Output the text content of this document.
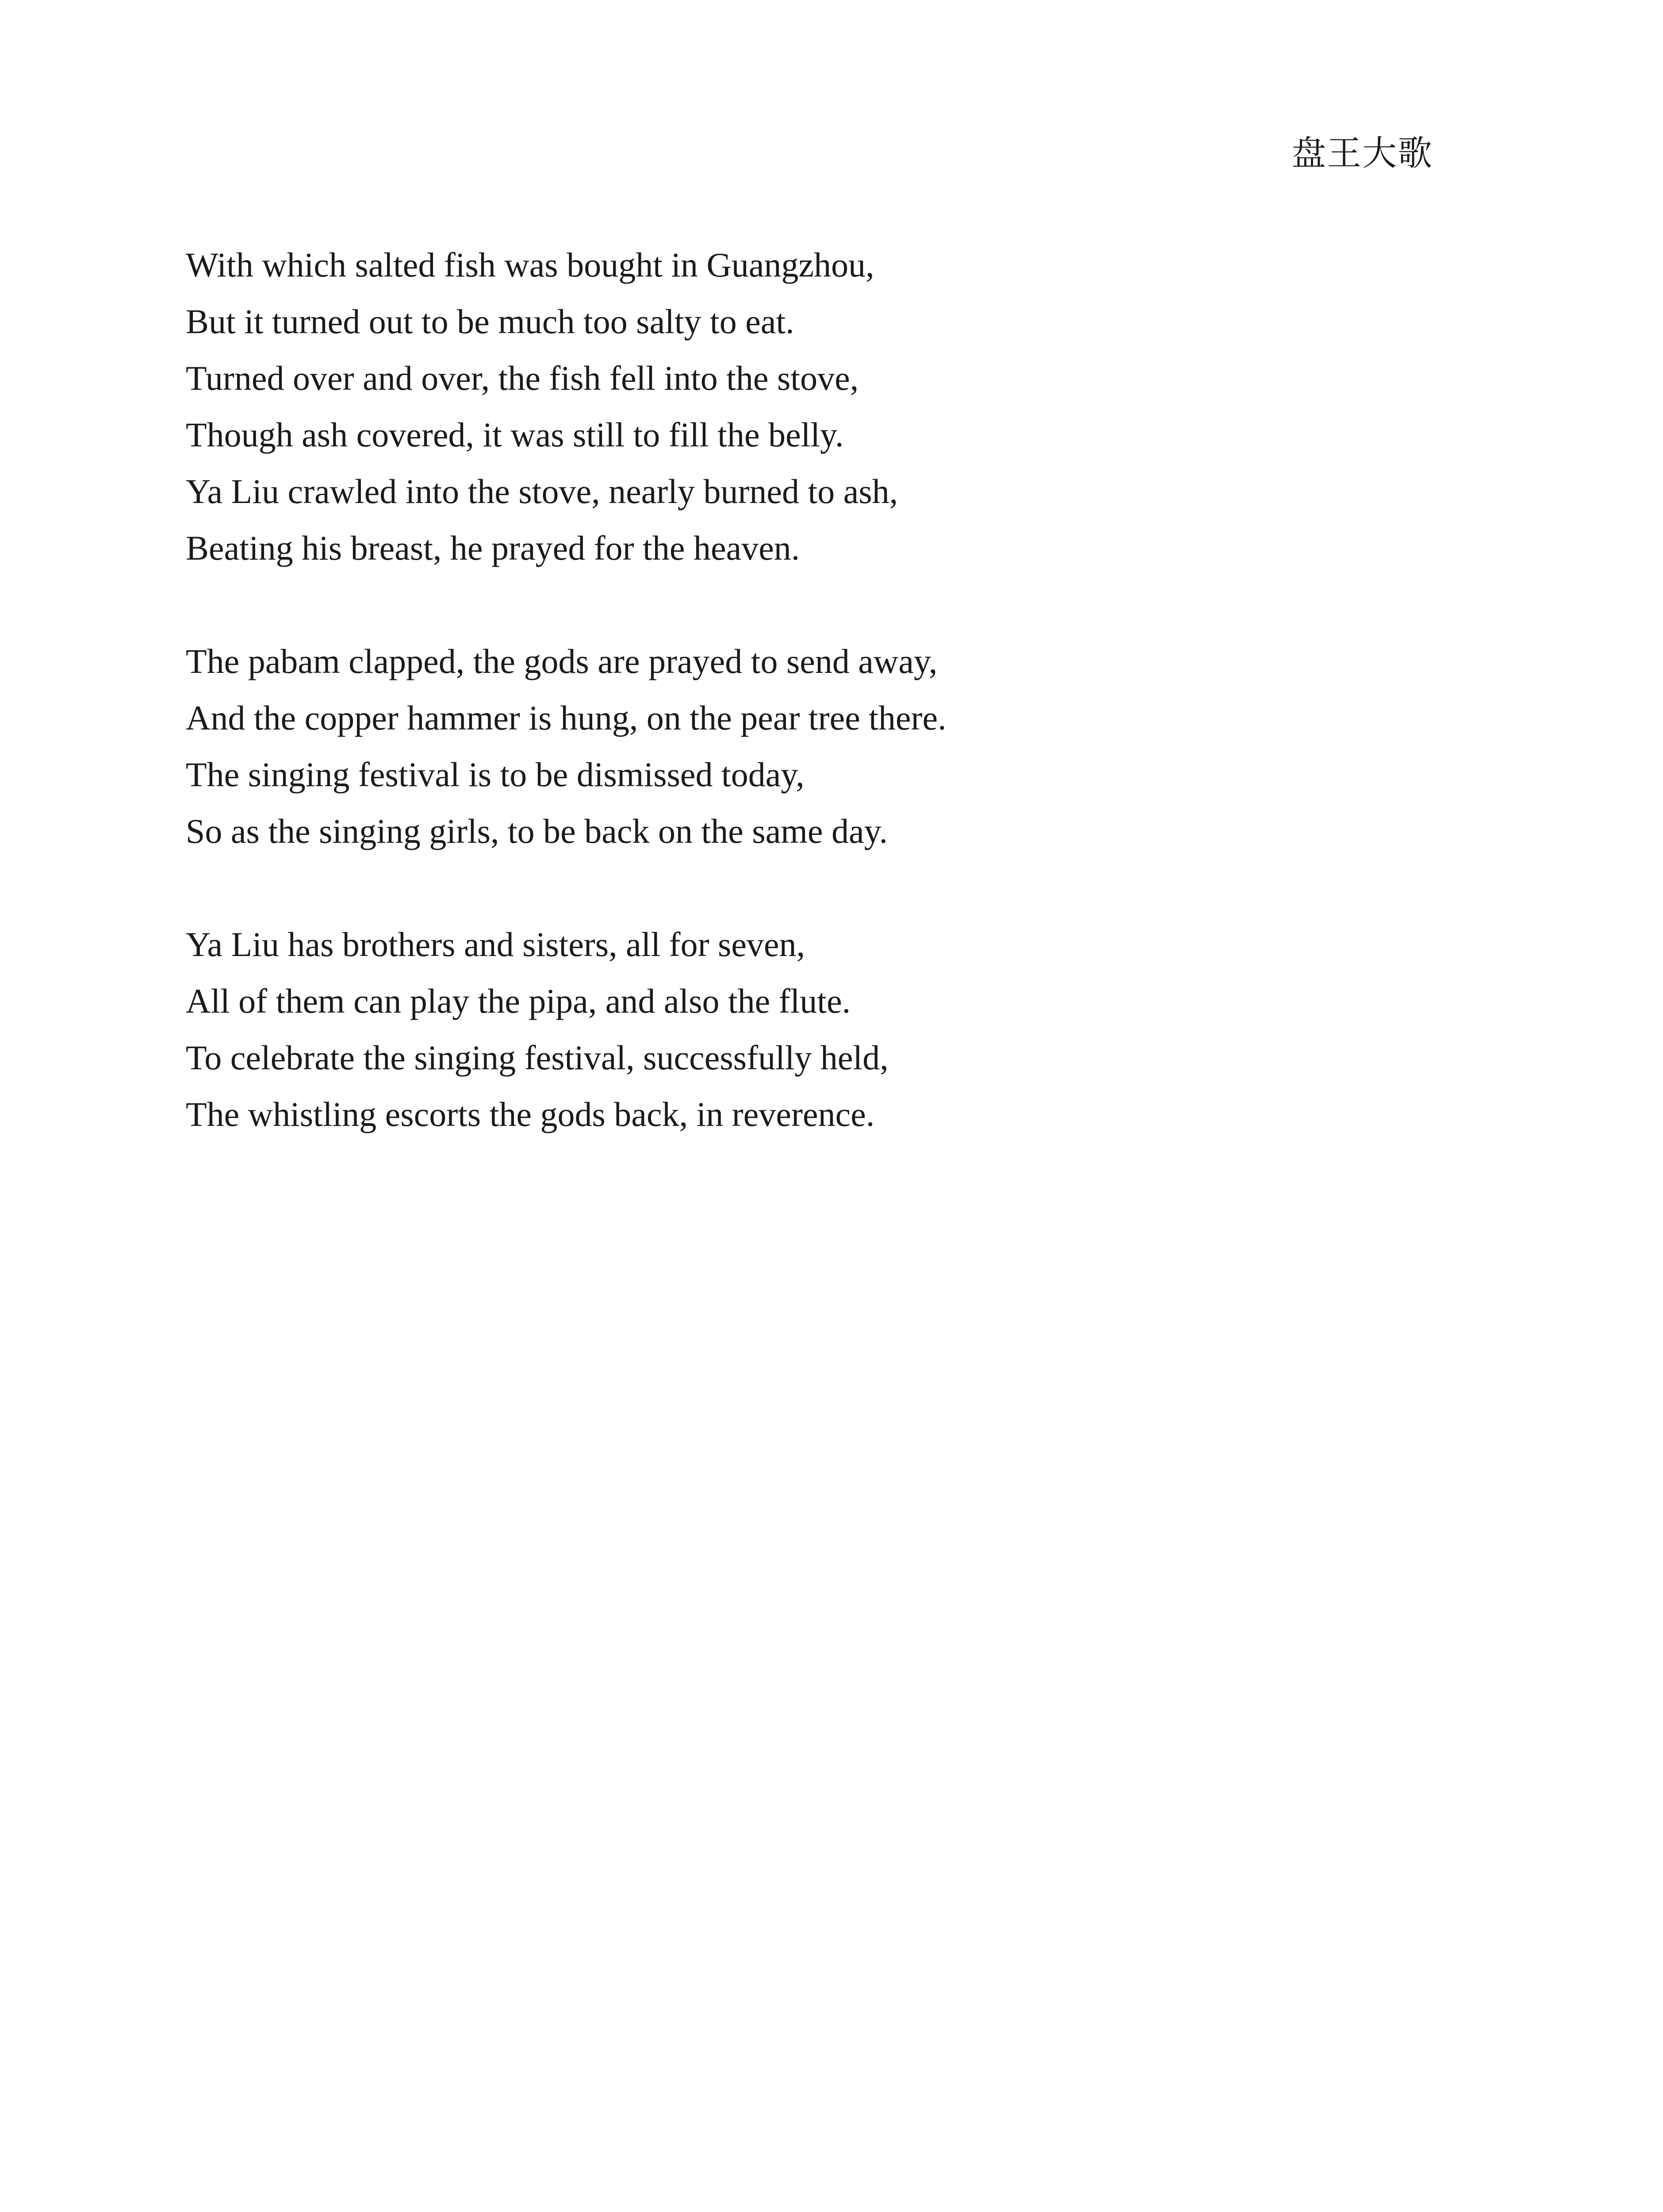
盘王大歌
With which salted fish was bought in Guangzhou,
But it turned out to be much too salty to eat.
Turned over and over, the fish fell into the stove,
Though ash covered, it was still to fill the belly.
Ya Liu crawled into the stove, nearly burned to ash,
Beating his breast, he prayed for the heaven.
The pabam clapped, the gods are prayed to send away,
And the copper hammer is hung, on the pear tree there.
The singing festival is to be dismissed today,
So as the singing girls, to be back on the same day.
Ya Liu has brothers and sisters, all for seven,
All of them can play the pipa, and also the flute.
To celebrate the singing festival, successfully held,
The whistling escorts the gods back, in reverence.
